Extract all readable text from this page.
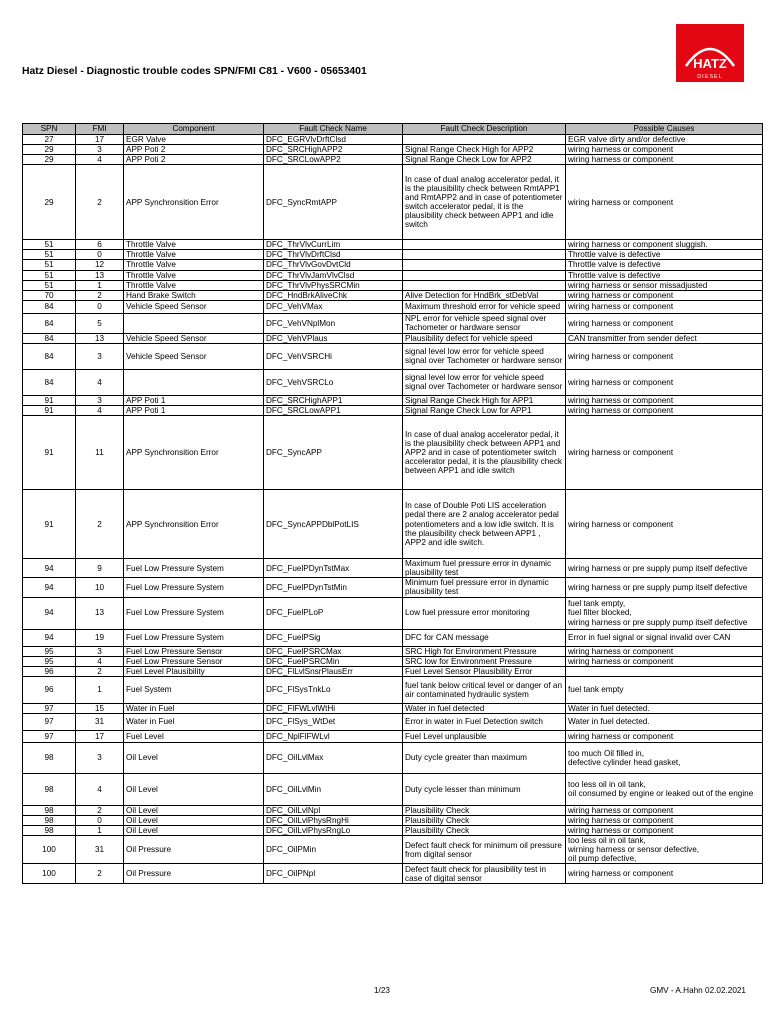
HATZ
DIESEL
Hatz Diesel - Diagnostic trouble codes SPN/FMI C81 - V600 - 05653401
SPN	FMI	Component	Fault Check Name	Fault Check Description	Possible Causes
27	17	EGR Valve	DFC_EGRVlvDrftClsd		EGR valve dirty and/or defective
29	3	APP Poti 2	DFC_SRCHighAPP2	Signal Range Check High for APP2	wiring harness or component
29	4	APP Poti 2	DFC_SRCLowAPP2	Signal Range Check Low for APP2	wiring harness or component
29	2	APP Synchronsition Error	DFC_SyncRmtAPP	In case of dual analog accelerator pedal, it is the plausibility check between RmtAPP1 and RmtAPP2 and in case of potentiometer switch accelerator pedal, it is the plausibility check between APP1 and idle switch	wiring harness or component
51	6	Throttle Valve	DFC_ThrVlvCurrLim		wiring harness or component sluggish.
51	0	Throttle Valve	DFC_ThrVlvDrftClsd		Throttle valve is defective
51	12	Throttle Valve	DFC_ThrVlvGovDvtCld		Throttle valve is defective
51	13	Throttle Valve	DFC_ThrVlvJamVlvClsd		Throttle valve is defective
51	1	Throttle Valve	DFC_ThrVlvPhysSRCMin		wiring harness or sensor missadjusted
70	2	Hand Brake Switch	DFC_HndBrkAliveChk	Alive Detection for HndBrk_stDebVal	wiring harness or component
84	0	Vehicle Speed Sensor	DFC_VehVMax	Maximum threshold error for vehicle speed	wiring harness or component
84	5		DFC_VehVNplMon	NPL error for vehicle speed signal over Tachometer or hardware sensor	wiring harness or component
84	13	Vehicle Speed Sensor	DFC_VehVPlaus	Plausibility defect for vehicle speed	CAN transmitter from sender defect
84	3	Vehicle Speed Sensor	DFC_VehVSRCHi	signal level low error for vehicle speed signal over Tachometer or hardware sensor	wiring harness or component
84	4		DFC_VehVSRCLo	signal level low error for vehicle speed signal over Tachometer or hardware sensor	wiring harness or component
91	3	APP Poti 1	DFC_SRCHighAPP1	Signal Range Check High for APP1	wiring harness or component
91	4	APP Poti 1	DFC_SRCLowAPP1	Signal Range Check Low for APP1	wiring harness or component
91	11	APP Synchronsition Error	DFC_SyncAPP	In case of dual analog accelerator pedal, it is the plausibility check between APP1 and APP2 and in case of potentiometer switch accelerator pedal, it is the plausibility check between APP1 and idle switch	wiring harness or component
91	2	APP Synchronsition Error	DFC_SyncAPPDblPotLIS	In case of Double Poti LIS acceleration pedal there are 2 analog accelerator pedal potentiometers and a low idle switch. It is the plausibility check between APP1 , APP2 and idle switch.	wiring harness or component
94	9	Fuel Low Pressure System	DFC_FuelPDynTstMax	Maximum fuel pressure error in dynamic plausibility test	wiring harness or pre supply pump itself defective
94	10	Fuel Low Pressure System	DFC_FuelPDynTstMin	Minimum fuel pressure error in dynamic plausibility test	wiring harness or pre supply pump itself defective
94	13	Fuel Low Pressure System	DFC_FuelPLoP	Low fuel pressure error monitoring	fuel tank empty,
fuel filter blocked,
wiring harness or pre supply pump itself defective
94	19	Fuel Low Pressure System	DFC_FuelPSig	DFC for CAN message	Error in fuel signal or signal invalid over CAN
95	3	Fuel Low Pressure Sensor	DFC_FuelPSRCMax	SRC High for Environment Pressure	wiring harness or component
95	4	Fuel Low Pressure Sensor	DFC_FuelPSRCMin	SRC low for Environment Pressure	wiring harness or component
96	2	Fuel Level Plausibility	DFC_FlLvlSnsrPlausErr	Fuel Level Sensor Plausibility Error	
96	1	Fuel System	DFC_FlSysTnkLo	fuel tank below critical level or danger of an air contaminated hydraulic system	fuel tank empty
97	15	Water in Fuel	DFC_FlFWLvlWtHi	Water in fuel detected	Water in fuel detected.
97	31	Water in Fuel	DFC_FlSys_WtDet	Error in water in Fuel Detection switch	Water in fuel detected.
97	17	Fuel Level	DFC_NplFlFWLvl	Fuel Level unplausible	wiring harness or component
98	3	Oil Level	DFC_OilLvlMax	Duty cycle greater than maximum	too much Oil filled in,
defective cylinder head gasket,
98	4	Oil Level	DFC_OilLvlMin	Duty cycle lesser than minimum	too less oil in oil tank,
oil consumed by engine or leaked out of the engine
98	2	Oil Level	DFC_OilLvlNpl	Plausibility Check	wiring harness or component
98	0	Oil Level	DFC_OilLvlPhysRngHi	Plausibility Check	wiring harness or component
98	1	Oil Level	DFC_OilLvlPhysRngLo	Plausibility Check	wiring harness or component
100	31	Oil Pressure	DFC_OilPMin	Defect fault check for minimum oil pressure from digital sensor	too less oil in oil tank,
wirning harness or sensor defective,
oil pump defective,
100	2	Oil Pressure	DFC_OilPNpl	Defect fault check for plausibility test in case of digital sensor	wiring harness or component
1/23	GMV - A.Hahn 02.02.2021
